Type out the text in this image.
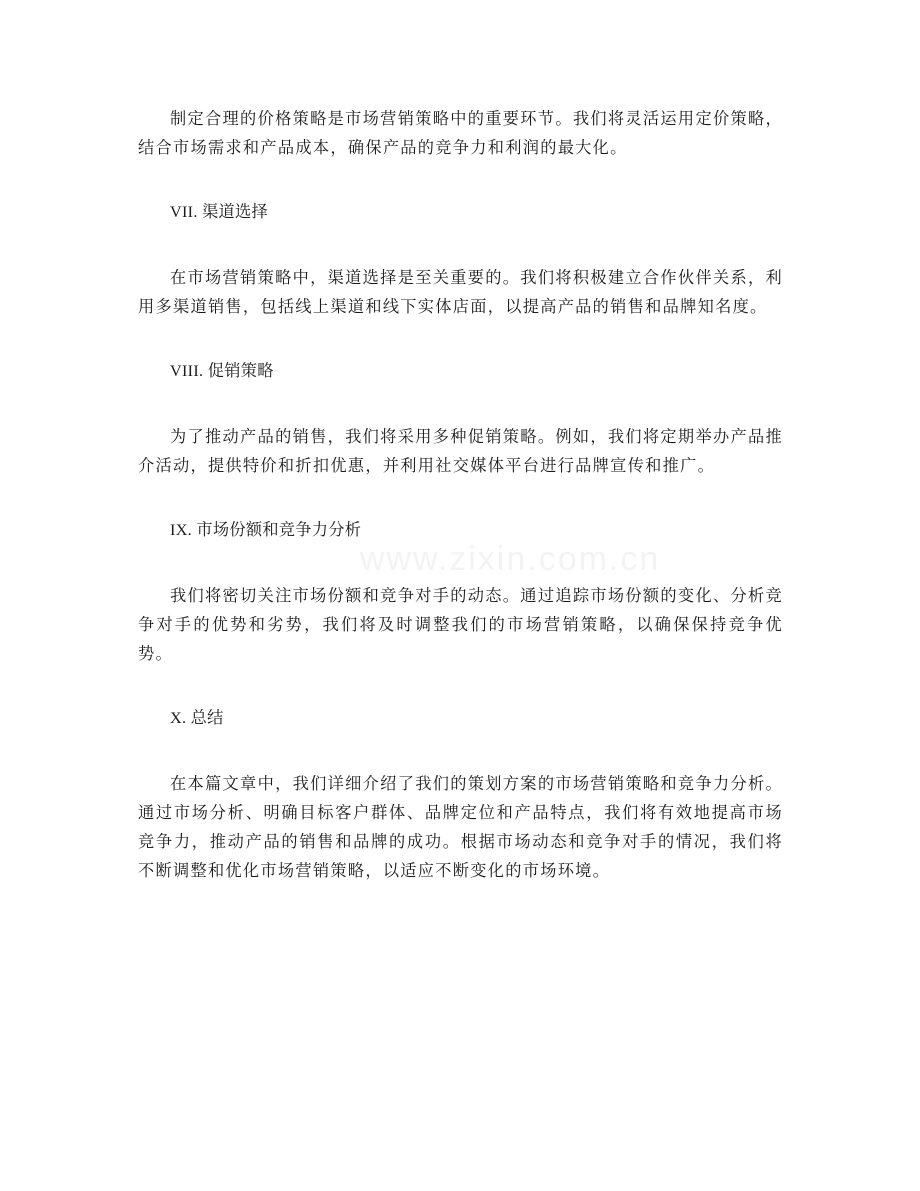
制定合理的价格策略是市场营销策略中的重要环节。我们将灵活运用定价策略，结合市场需求和产品成本，确保产品的竞争力和利润的最大化。

VII. 渠道选择

在市场营销策略中，渠道选择是至关重要的。我们将积极建立合作伙伴关系，利用多渠道销售，包括线上渠道和线下实体店面，以提高产品的销售和品牌知名度。

VIII. 促销策略

为了推动产品的销售，我们将采用多种促销策略。例如，我们将定期举办产品推介活动，提供特价和折扣优惠，并利用社交媒体平台进行品牌宣传和推广。

IX. 市场份额和竞争力分析

我们将密切关注市场份额和竞争对手的动态。通过追踪市场份额的变化、分析竞争对手的优势和劣势，我们将及时调整我们的市场营销策略，以确保保持竞争优势。

X. 总结

在本篇文章中，我们详细介绍了我们的策划方案的市场营销策略和竞争力分析。通过市场分析、明确目标客户群体、品牌定位和产品特点，我们将有效地提高市场竞争力，推动产品的销售和品牌的成功。根据市场动态和竞争对手的情况，我们将不断调整和优化市场营销策略，以适应不断变化的市场环境。

www.zixin.com.cn
